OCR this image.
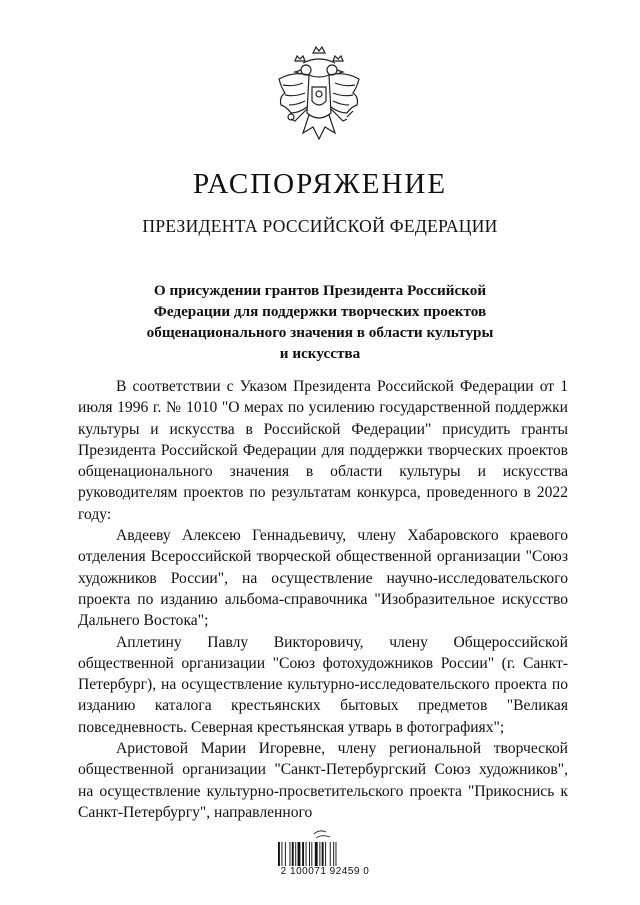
РАСПОРЯЖЕНИЕ
ПРЕЗИДЕНТА РОССИЙСКОЙ ФЕДЕРАЦИИ
О присуждении грантов Президента Российской
Федерации для поддержки творческих проектов
общенационального значения в области культуры
и искусства

В соответствии с Указом Президента Российской Федерации от 1 июля 1996 г. № 1010 "О мерах по усилению государственной поддержки культуры и искусства в Российской Федерации" присудить гранты Президента Российской Федерации для поддержки творческих проектов общенационального значения в области культуры и искусства руководителям проектов по результатам конкурса, проведенного в 2022 году:

Авдееву Алексею Геннадьевичу, члену Хабаровского краевого отделения Всероссийской творческой общественной организации "Союз художников России", на осуществление научно-исследовательского проекта по изданию альбома-справочника "Изобразительное искусство Дальнего Востока";

Аплетину Павлу Викторовичу, члену Общероссийской общественной организации "Союз фотохудожников России" (г. Санкт-Петербург), на осуществление культурно-исследовательского проекта по изданию каталога крестьянских бытовых предметов "Великая повседневность. Северная крестьянская утварь в фотографиях";

Аристовой Марии Игоревне, члену региональной творческой общественной организации "Санкт-Петербургский Союз художников", на осуществление культурно-просветительского проекта "Прикоснись к Санкт-Петербургу", направленного

2 100071 92459 0
